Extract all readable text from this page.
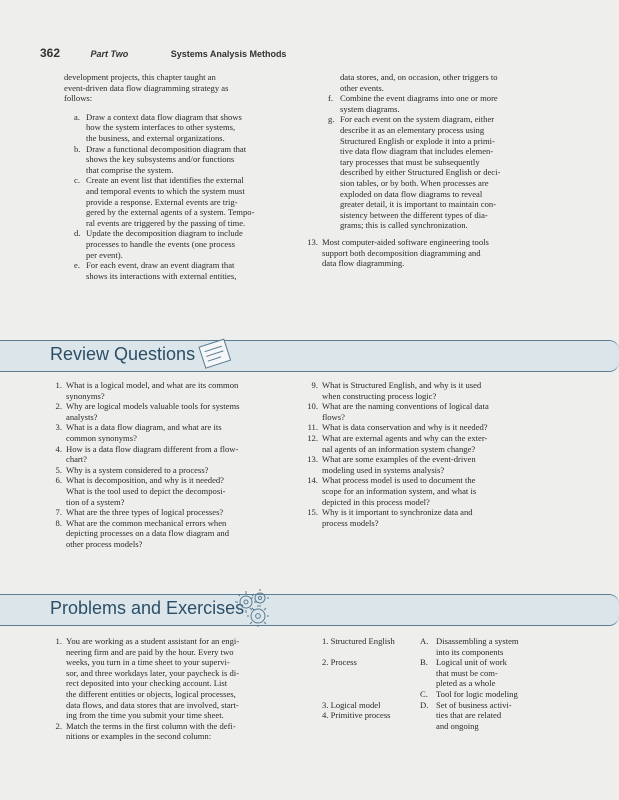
362	Part Two	Systems Analysis Methods

development projects, this chapter taught an
event-driven data flow diagramming strategy as
follows:

a. Draw a context data flow diagram that shows
how the system interfaces to other systems,
the business, and external organizations.
b. Draw a functional decomposition diagram that
shows the key subsystems and/or functions
that comprise the system.
c. Create an event list that identifies the external
and temporal events to which the system must
provide a response. External events are trig-
gered by the external agents of a system. Tempo-
ral events are triggered by the passing of time.
d. Update the decomposition diagram to include
processes to handle the events (one process
per event).
e. For each event, draw an event diagram that
shows its interactions with external entities,

data stores, and, on occasion, other triggers to
other events.

f. Combine the event diagrams into one or more
system diagrams.
g. For each event on the system diagram, either
describe it as an elementary process using
Structured English or explode it into a primi-
tive data flow diagram that includes elemen-
tary processes that must be subsequently
described by either Structured English or deci-
sion tables, or by both. When processes are
exploded on data flow diagrams to reveal
greater detail, it is important to maintain con-
sistency between the different types of dia-
grams; this is called synchronization.
13. Most computer-aided software engineering tools
support both decomposition diagramming and
data flow diagramming.
Review Questions
1. What is a logical model, and what are its common
synonyms?
2. Why are logical models valuable tools for systems
analysts?
3. What is a data flow diagram, and what are its
common synonyms?
4. How is a data flow diagram different from a flow-
chart?
5. Why is a system considered to a process?
6. What is decomposition, and why is it needed?
What is the tool used to depict the decomposi-
tion of a system?
7. What are the three types of logical processes?
8. What are the common mechanical errors when
depicting processes on a data flow diagram and
other process models?
9. What is Structured English, and why is it used
when constructing process logic?
10. What are the naming conventions of logical data
flows?
11. What is data conservation and why is it needed?
12. What are external agents and why can the exter-
nal agents of an information system change?
13. What are some examples of the event-driven
modeling used in systems analysis?
14. What process model is used to document the
scope for an information system, and what is
depicted in this process model?
15. Why is it important to synchronize data and
process models?
Problems and Exercises
1. You are working as a student assistant for an engi-
neering firm and are paid by the hour. Every two
weeks, you turn in a time sheet to your supervi-
sor, and three workdays later, your paycheck is di-
rect deposited into your checking account. List
the different entities or objects, logical processes,
data flows, and data stores that are involved, start-
ing from the time you submit your time sheet.
2. Match the terms in the first column with the defi-
nitions or examples in the second column:
1. Structured English
2. Process
3. Logical model
4. Primitive process
A. Disassembling a system
into its components
B. Logical unit of work
that must be com-
pleted as a whole
C. Tool for logic modeling
D. Set of business activi-
ties that are related
and ongoing
